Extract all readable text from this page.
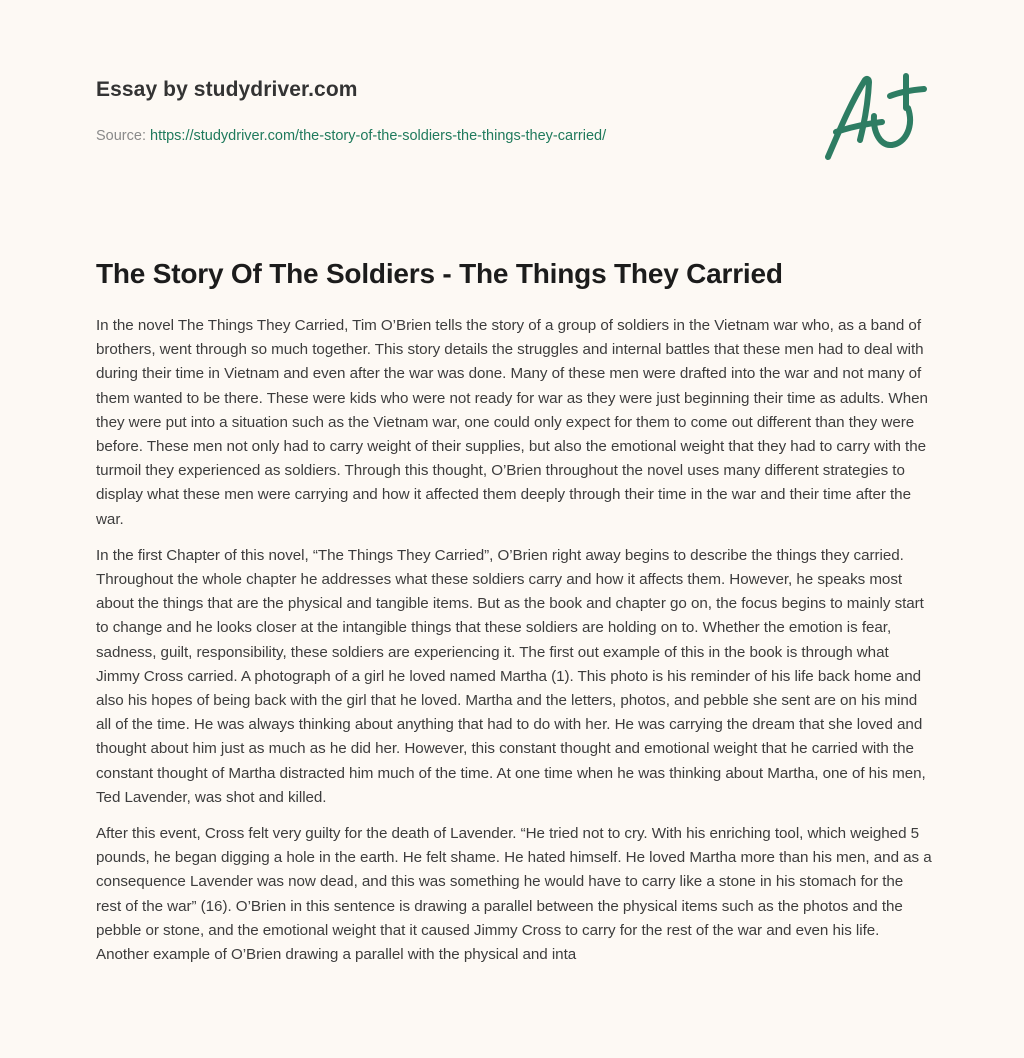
Essay by studydriver.com
Source: https://studydriver.com/the-story-of-the-soldiers-the-things-they-carried/
The Story Of The Soldiers - The Things They Carried

In the novel The Things They Carried, Tim O’Brien tells the story of a group of soldiers in the Vietnam war who, as a band of brothers, went through so much together. This story details the struggles and internal battles that these men had to deal with during their time in Vietnam and even after the war was done. Many of these men were drafted into the war and not many of them wanted to be there. These were kids who were not ready for war as they were just beginning their time as adults. When they were put into a situation such as the Vietnam war, one could only expect for them to come out different than they were before. These men not only had to carry weight of their supplies, but also the emotional weight that they had to carry with the turmoil they experienced as soldiers. Through this thought, O’Brien throughout the novel uses many different strategies to display what these men were carrying and how it affected them deeply through their time in the war and their time after the war.

In the first Chapter of this novel, “The Things They Carried”, O’Brien right away begins to describe the things they carried. Throughout the whole chapter he addresses what these soldiers carry and how it affects them. However, he speaks most about the things that are the physical and tangible items. But as the book and chapter go on, the focus begins to mainly start to change and he looks closer at the intangible things that these soldiers are holding on to. Whether the emotion is fear, sadness, guilt, responsibility, these soldiers are experiencing it. The first out example of this in the book is through what Jimmy Cross carried. A photograph of a girl he loved named Martha (1). This photo is his reminder of his life back home and also his hopes of being back with the girl that he loved. Martha and the letters, photos, and pebble she sent are on his mind all of the time. He was always thinking about anything that had to do with her. He was carrying the dream that she loved and thought about him just as much as he did her. However, this constant thought and emotional weight that he carried with the constant thought of Martha distracted him much of the time. At one time when he was thinking about Martha, one of his men, Ted Lavender, was shot and killed.

After this event, Cross felt very guilty for the death of Lavender. “He tried not to cry. With his enriching tool, which weighed 5 pounds, he began digging a hole in the earth. He felt shame. He hated himself. He loved Martha more than his men, and as a consequence Lavender was now dead, and this was something he would have to carry like a stone in his stomach for the rest of the war” (16). O’Brien in this sentence is drawing a parallel between the physical items such as the photos and the pebble or stone, and the emotional weight that it caused Jimmy Cross to carry for the rest of the war and even his life. Another example of O’Brien drawing a parallel with the physical and inta
